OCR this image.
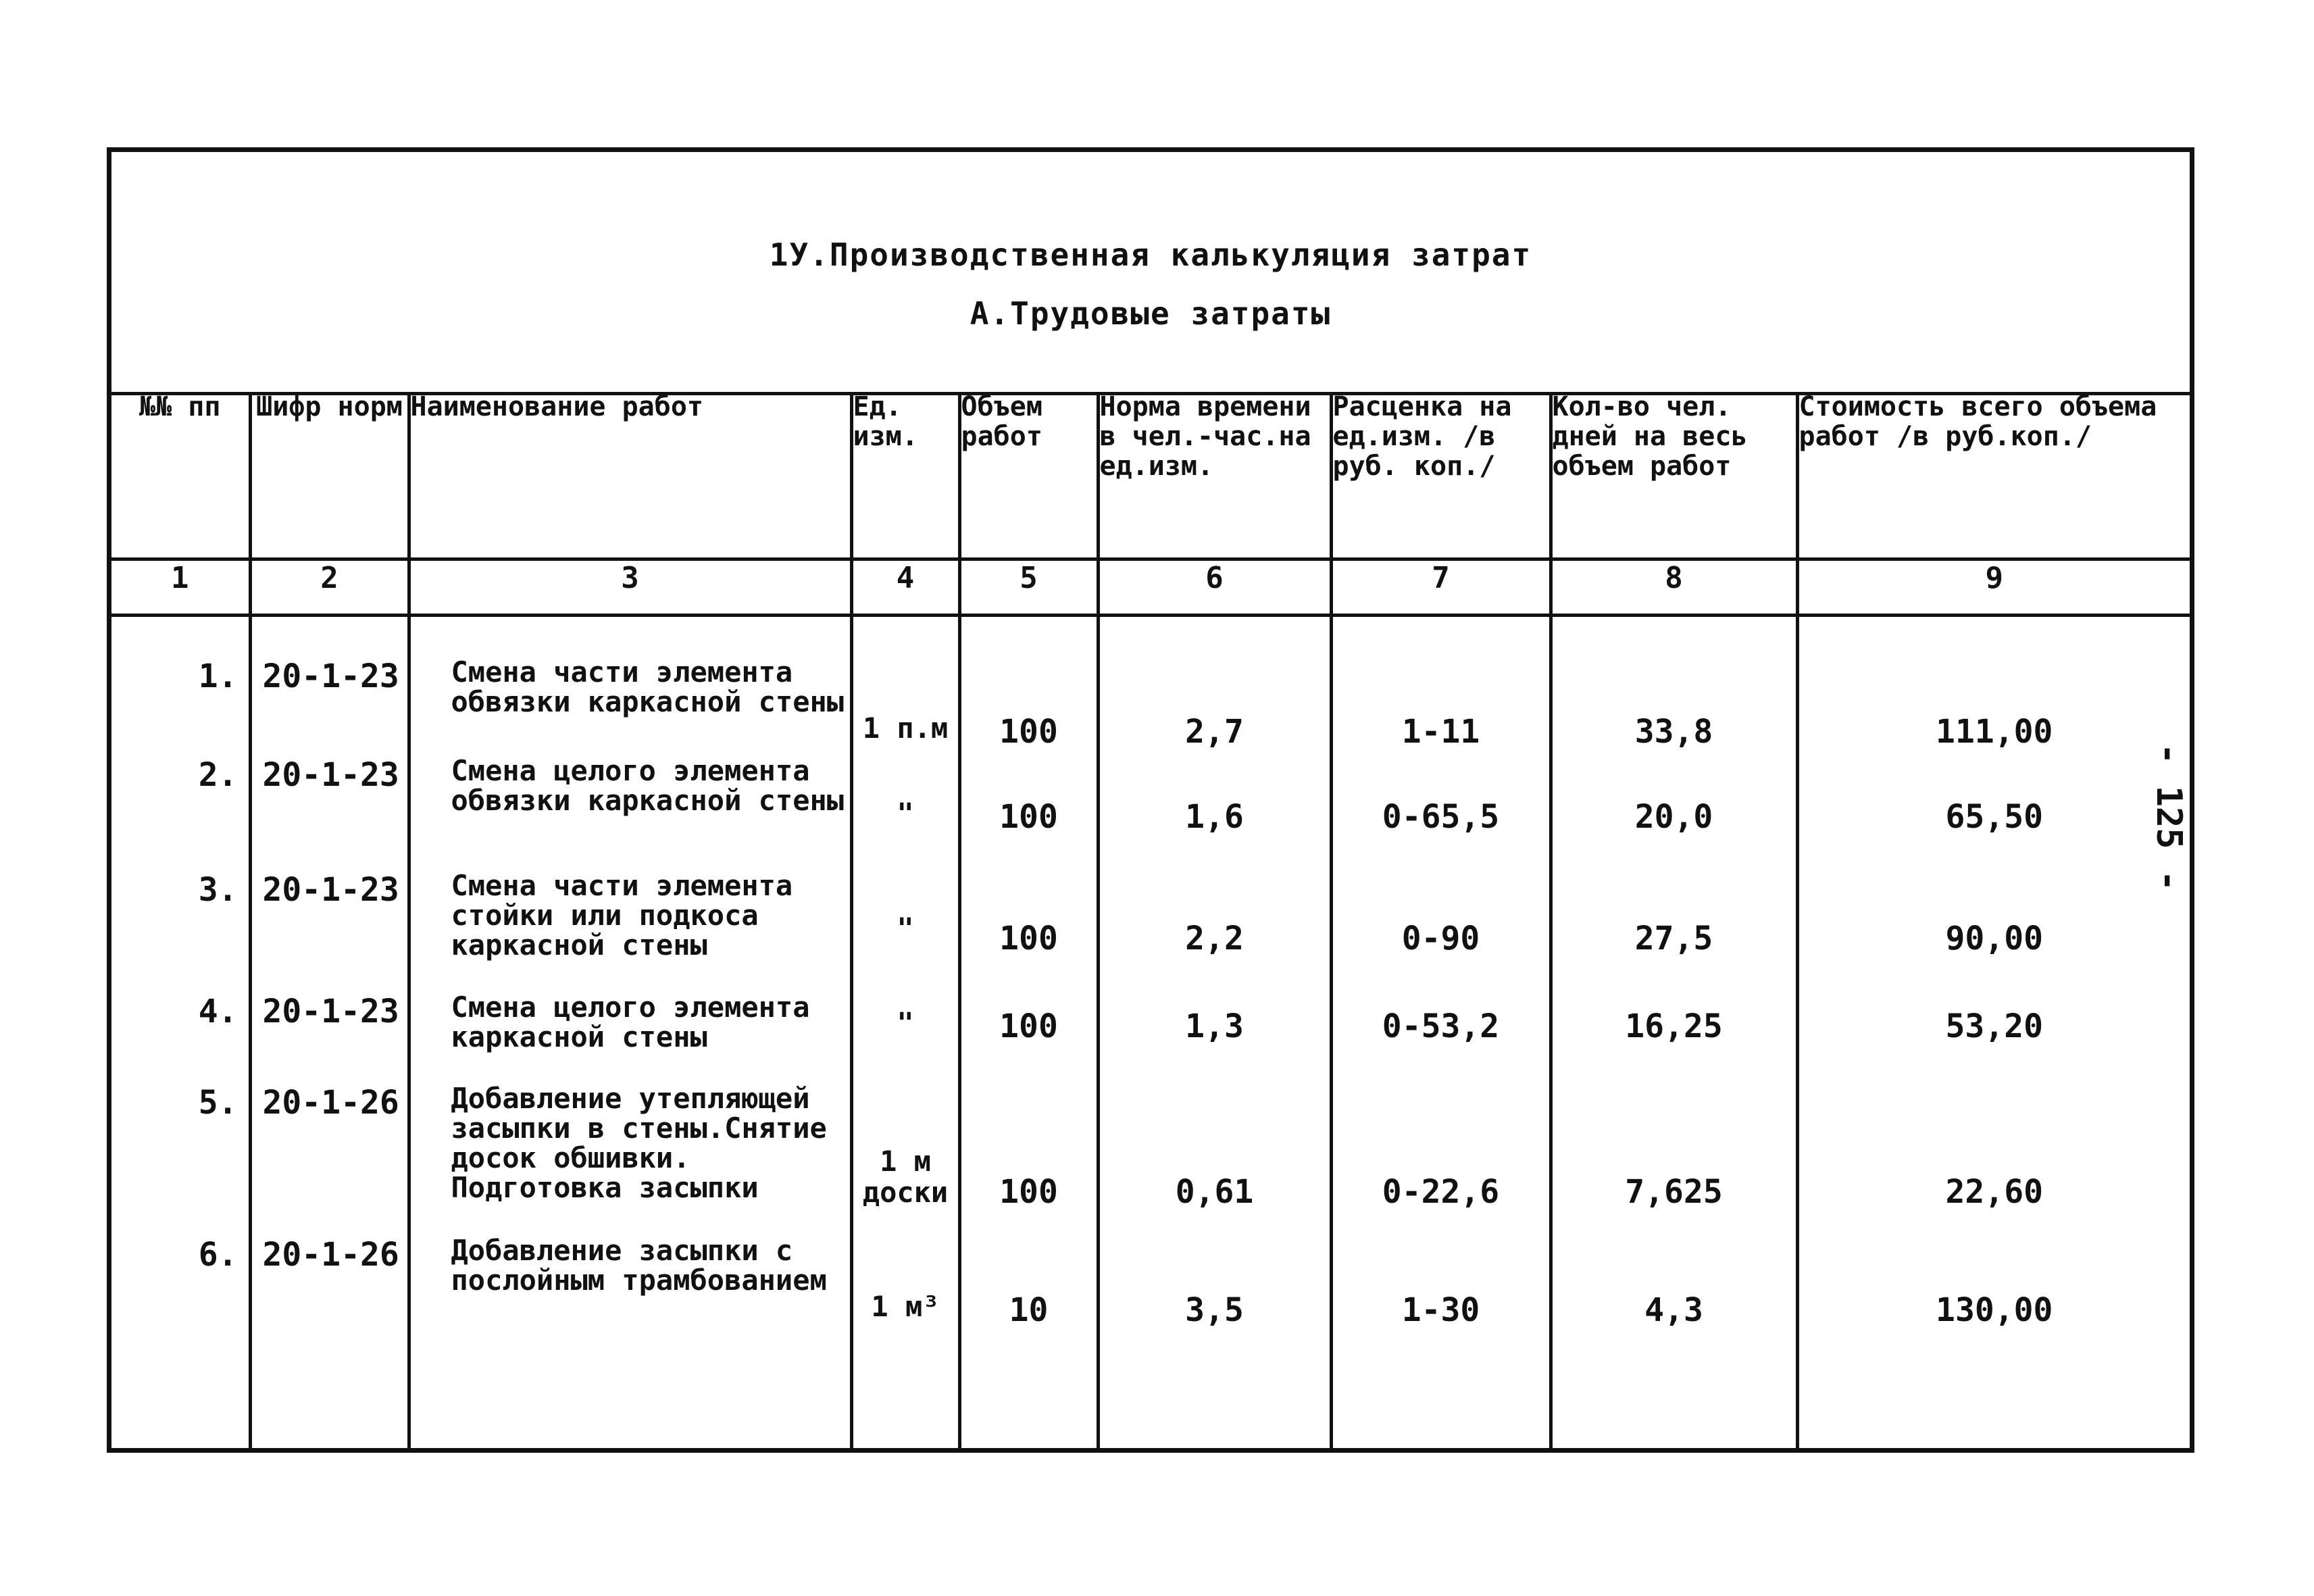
1У.Производственная калькуляция затрат
А.Трудовые затраты
№№ пп	Шифр норм	Наименование работ	Ед. изм.	Объем работ	Норма времени в чел.-час.на ед.изм.	Расценка на ед.изм. /в руб. коп./	Кол-во чел. дней на весь объем работ	Стоимость всего объема работ /в руб.коп./
1	2	3	4	5	6	7	8	9
1.	20-1-23	Смена части элемента обвязки каркасной стены	1 п.м	100	2,7	1-11	33,8	111,00
2.	20-1-23	Смена целого элемента обвязки каркасной стены	"	100	1,6	0-65,5	20,0	65,50
3.	20-1-23	Смена части элемента стойки или подкоса каркасной стены	"	100	2,2	0-90	27,5	90,00
4.	20-1-23	Смена целого элемента каркасной стены	"	100	1,3	0-53,2	16,25	53,20
5.	20-1-26	Добавление утепляющей засыпки в стены.Снятие досок обшивки. Подготовка засыпки	1 м доски	100	0,61	0-22,6	7,625	22,60
6.	20-1-26	Добавление засыпки с послойным трамбованием	1 м³	10	3,5	1-30	4,3	130,00
- 125 -
